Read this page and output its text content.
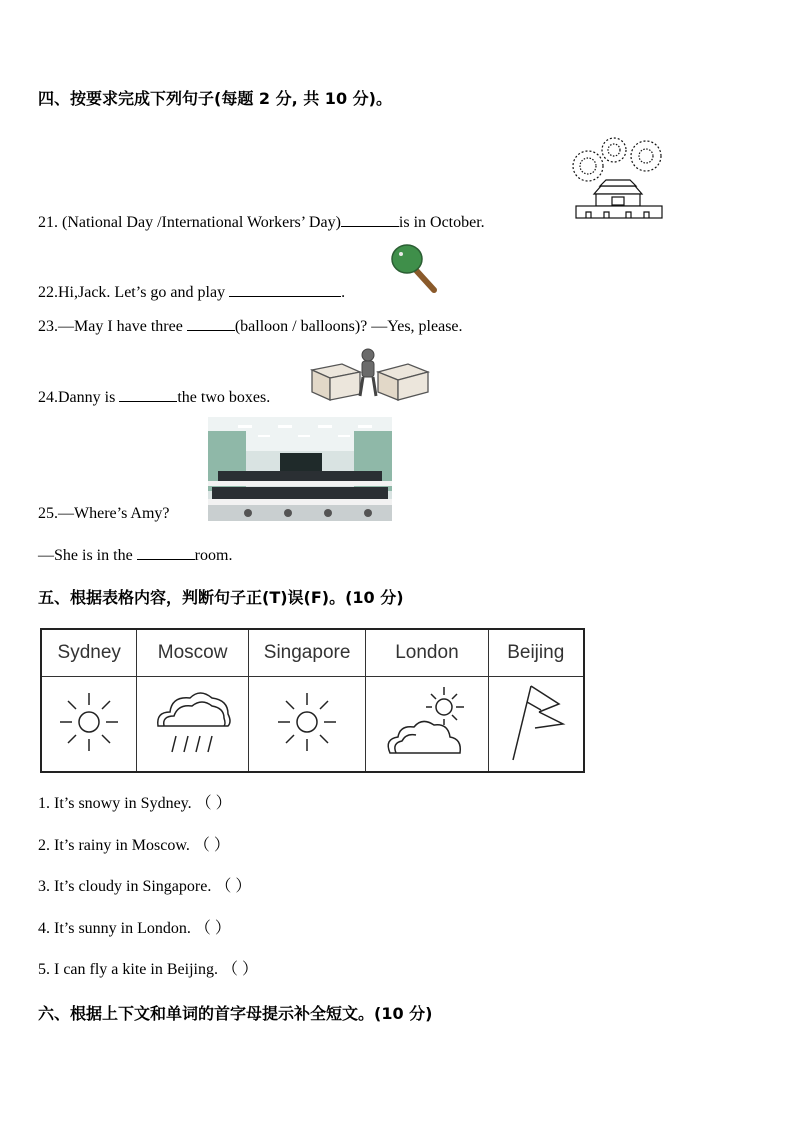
四、按要求完成下列句子(每题 2 分, 共 10 分)。
21. (National Day /International Workers’ Day)	is in October.
22.Hi,Jack. Let’s go and play	.
23.—May I have three	(balloon / balloons)? —Yes, please.
24.Danny is	the two boxes.
25.—Where’s Amy?
—She is in the	room.
五、根据表格内容，判断句子正(T)误(F)。(10 分)
Sydney	Moscow	Singapore	London	Beijing

1. It’s snowy in Sydney. （ ）
2. It’s rainy in Moscow. （ ）
3. It’s cloudy in Singapore. （ ）
4. It’s sunny in London. （ ）
5. I can fly a kite in Beijing. （ ）
六、根据上下文和单词的首字母提示补全短文。(10 分)
